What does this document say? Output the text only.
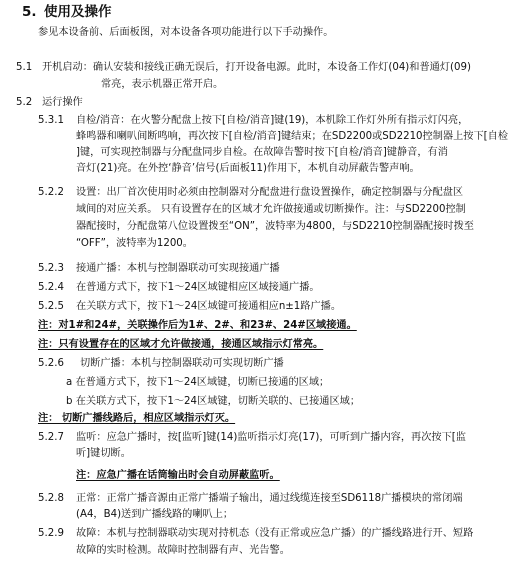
5. 使用及操作
参见本设备前、后面板图，对本设备各项功能进行以下手动操作。
5.1 开机启动：确认安装和接线正确无误后，打开设备电源。此时，本设备工作灯(04)和普通灯(09)
常亮，表示机器正常开启。
5.2 运行操作
5.3.1 自检/消音：在火警分配盘上按下[自检/消音]键(19)，本机除工作灯外所有指示灯闪亮，
蜂鸣器和喇叭间断鸣响，再次按下[自检/消音]键结束；在SD2200或SD2210控制器上按下[自检
]键，可实现控制器与分配盘同步自检。在故障告警时按下[自检/消音]键静音，有消
音灯(21)亮。在外控‘静音’信号(后面板11)作用下，本机自动屏蔽告警声响。
5.2.2 设置：出厂首次使用时必须由控制器对分配盘进行盘设置操作，确定控制器与分配盘区
域间的对应关系。 只有设置存在的区域才允许做接通或切断操作。注：与SD2200控制
器配接时，分配盘第八位设置拨至“ON”，波特率为4800，与SD2210控制器配接时拨至
“OFF”，波特率为1200。
5.2.3 接通广播：本机与控制器联动可实现接通广播
5.2.4 在普通方式下，按下1～24区域键相应区域接通广播。
5.2.5 在关联方式下，按下1～24区域键可接通相应n±1路广播。
注：对1#和24#，关联操作后为1#、2#、和23#、24#区域接通。
注：只有设置存在的区域才允许做接通，接通区域指示灯常亮。
5.2.6 切断广播：本机与控制器联动可实现切断广播
a 在普通方式下，按下1～24区域键，切断已接通的区域；
b 在关联方式下，按下1～24区域键，切断关联的、已接通区域；
注： 切断广播线路后，相应区域指示灯灭。
5.2.7 监听：应急广播时，按[监听]键(14)监听指示灯亮(17)，可听到广播内容，再次按下[监
听]键切断。
注：应急广播在话筒输出时会自动屏蔽监听。
5.2.8 正常：正常广播音源由正常广播端子输出，通过线缆连接至SD6118广播模块的常闭端
(A4，B4)送到广播线路的喇叭上；
5.2.9 故障：本机与控制器联动实现对持机态（没有正常或应急广播）的广播线路进行开、短路
故障的实时检测。故障时控制器有声、光告警。
